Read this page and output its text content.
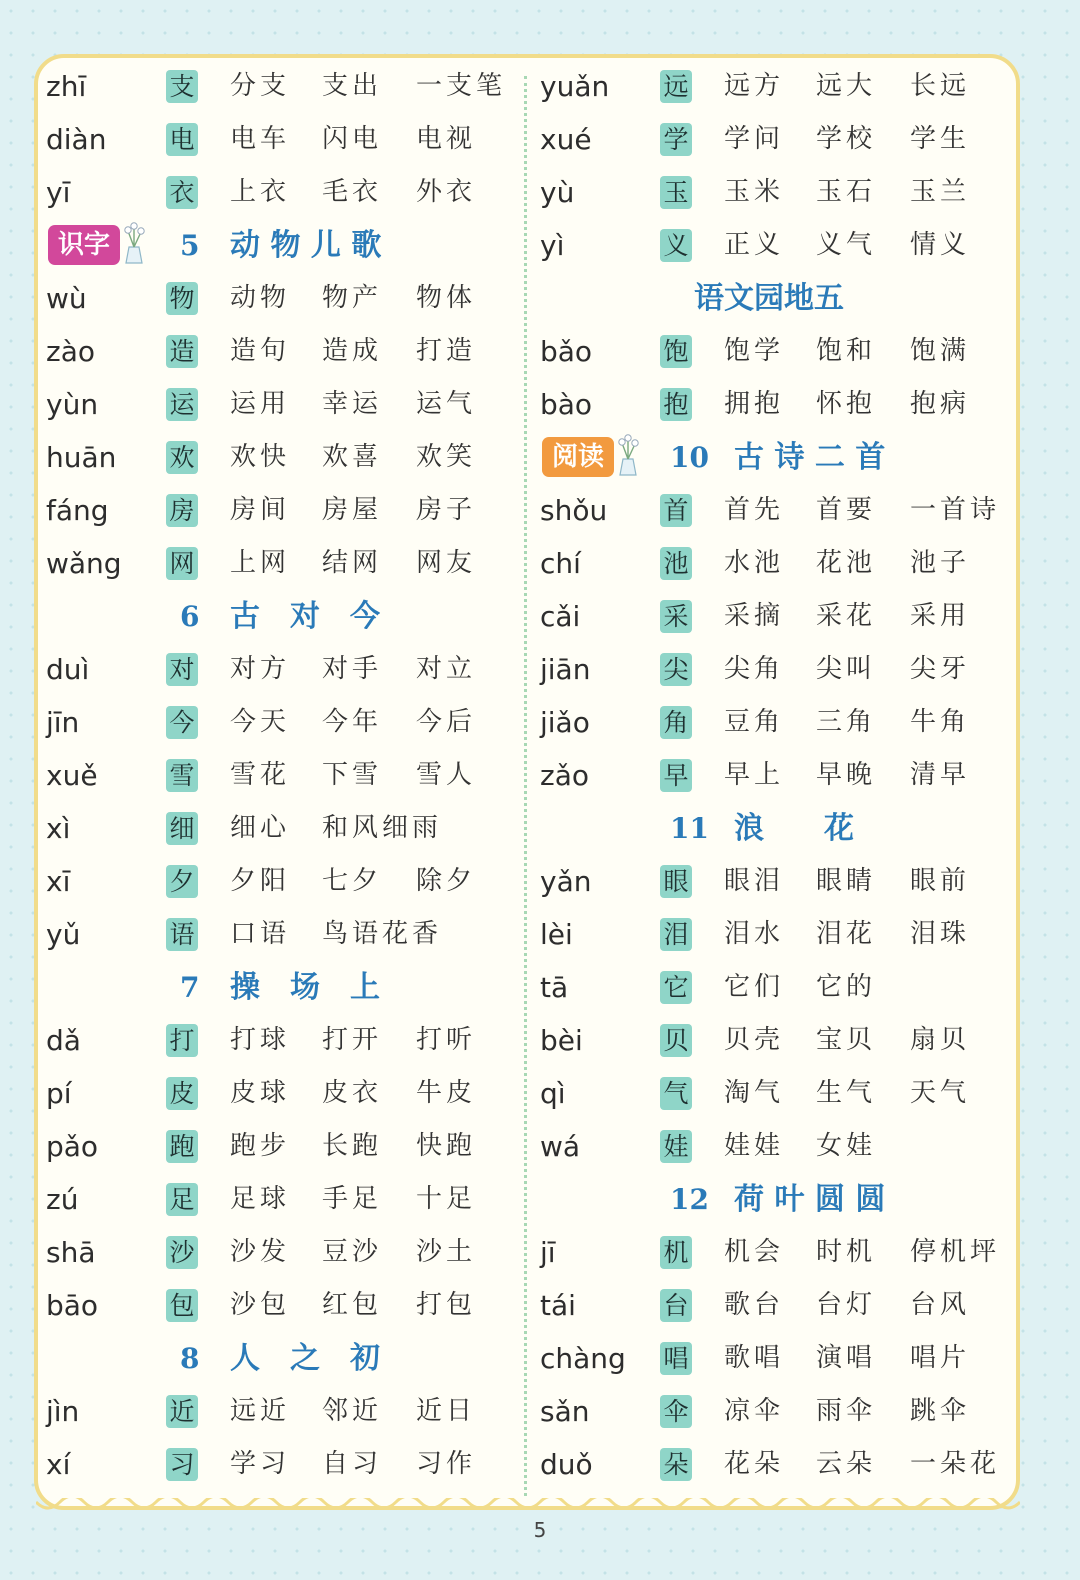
zhī	支 分支 支出 一支笔
diàn	电 电车 闪电 电视
yī	衣 上衣 毛衣 外衣
识字	5 动 物 儿 歌
wù	物 动物 物产 物体
zào	造 造句 造成 打造
yùn	运 运用 幸运 运气
huān 欢 欢快 欢喜 欢笑
fáng 房 房间 房屋 房子
wǎng 网 上网 结网 网友
6 古　对　今
duì	对 对方 对手 对立
jīn	今 今天 今年 今后
xuě	雪 雪花 下雪 雪人
xì	细 细心 和风细雨
xī	夕 夕阳 七夕 除夕
yǔ	语 口语 鸟语花香
7 操　场　上
dǎ	打 打球 打开 打听
pí	皮 皮球 皮衣 牛皮
pǎo	跑 跑步 长跑 快跑
zú	足 足球 手足 十足
shā	沙 沙发 豆沙 沙土
bāo	包 沙包 红包 打包
8 人　之　初
jìn	近 远近 邻近 近日
xí	习 学习 自习 习作
yuǎn 远 远方 远大 长远
xué	学 学问 学校 学生
yù	玉 玉米 玉石 玉兰
yì	义 正义 义气 情义
语文园地五
bǎo	饱 饱学 饱和 饱满
bào	抱 拥抱 怀抱 抱病
阅读	10 古 诗 二 首
shǒu 首 首先 首要 一首诗
chí	池 水池 花池 池子
cǎi	采 采摘 采花 采用
jiān	尖 尖角 尖叫 尖牙
jiǎo	角 豆角 三角 牛角
zǎo	早 早上 早晚 清早
11 浪　　花
yǎn	眼 眼泪 眼睛 眼前
lèi	泪 泪水 泪花 泪珠
tā	它 它们 它的
bèi	贝 贝壳 宝贝 扇贝
qì	气 淘气 生气 天气
wá	娃 娃娃 女娃
12 荷 叶 圆 圆
jī	机 机会 时机 停机坪
tái	台 歌台 台灯 台风
chàng 唱 歌唱 演唱 唱片
sǎn	伞 凉伞 雨伞 跳伞
duǒ	朵 花朵 云朵 一朵花
5
